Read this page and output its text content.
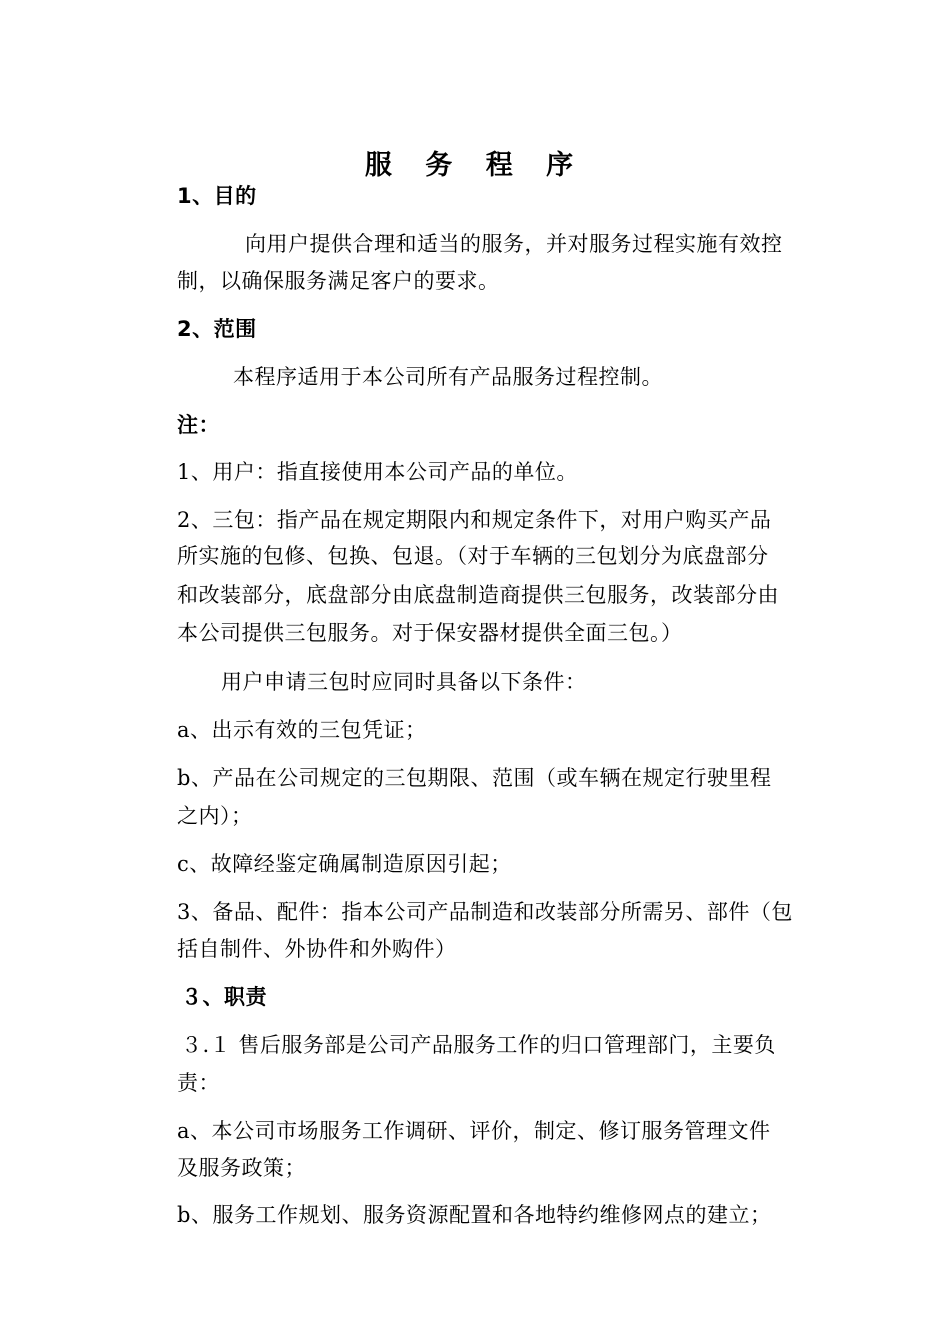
服 务 程 序
1、目的
向用户提供合理和适当的服务，并对服务过程实施有效控
制，以确保服务满足客户的要求。
2、范围
本程序适用于本公司所有产品服务过程控制。
注：
1、用户：指直接使用本公司产品的单位。
2、三包：指产品在规定期限内和规定条件下，对用户购买产品
所实施的包修、包换、包退。（对于车辆的三包划分为底盘部分
和改装部分，底盘部分由底盘制造商提供三包服务，改装部分由
本公司提供三包服务。对于保安器材提供全面三包。）
用户申请三包时应同时具备以下条件：
a、出示有效的三包凭证；
b、产品在公司规定的三包期限、范围（或车辆在规定行驶里程
之内）；
c、故障经鉴定确属制造原因引起；
3、备品、配件：指本公司产品制造和改装部分所需另、部件（包
括自制件、外协件和外购件）
３、职责
３.１ 售后服务部是公司产品服务工作的归口管理部门，主要负
责：
a、本公司市场服务工作调研、评价，制定、修订服务管理文件
及服务政策；
b、服务工作规划、服务资源配置和各地特约维修网点的建立；
